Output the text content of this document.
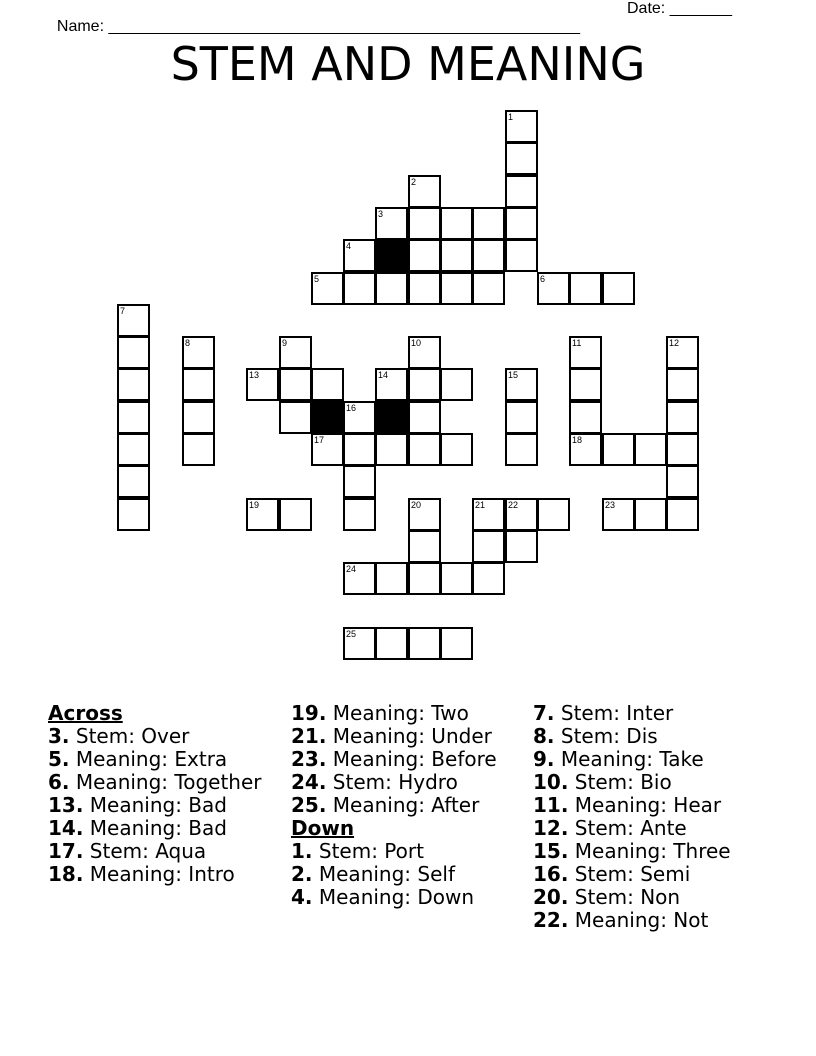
Name: _____________________________________________________

Date: _______

STEM AND MEANING
1
2
3
4
5	6
7
8	9	10	11	12
13	14	15
16
17	18
19	20	21	22	23
24
25
Across
3. Stem: Over
5. Meaning: Extra
6. Meaning: Together
13. Meaning: Bad
14. Meaning: Bad
17. Stem: Aqua
18. Meaning: Intro
19. Meaning: Two
21. Meaning: Under
23. Meaning: Before
24. Stem: Hydro
25. Meaning: After
Down
1. Stem: Port
2. Meaning: Self
4. Meaning: Down
7. Stem: Inter
8. Stem: Dis
9. Meaning: Take
10. Stem: Bio
11. Meaning: Hear
12. Stem: Ante
15. Meaning: Three
16. Stem: Semi
20. Stem: Non
22. Meaning: Not
